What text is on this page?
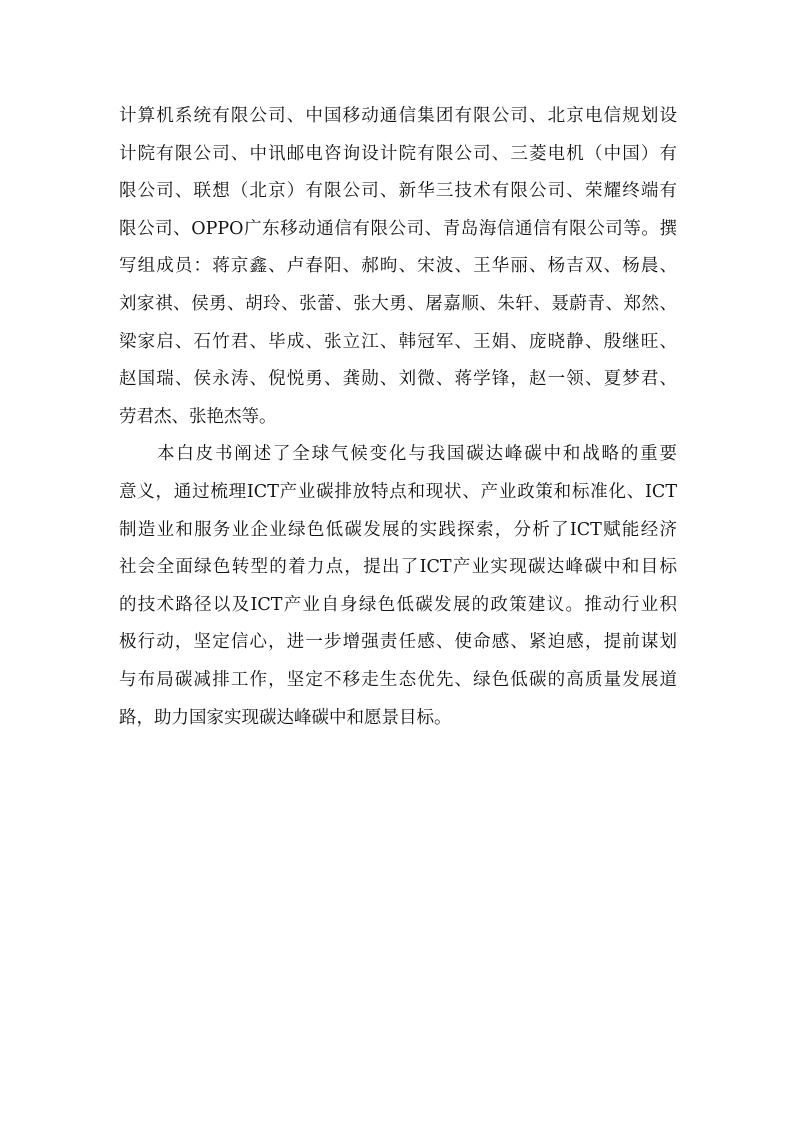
计算机系统有限公司、中国移动通信集团有限公司、北京电信规划设
计院有限公司、中讯邮电咨询设计院有限公司、三菱电机（中国）有
限公司、联想（北京）有限公司、新华三技术有限公司、荣耀终端有
限公司、OPPO广东移动通信有限公司、青岛海信通信有限公司等。撰
写组成员：蒋京鑫、卢春阳、郝昫、宋波、王华丽、杨吉双、杨晨、
刘家祺、侯勇、胡玲、张蕾、张大勇、屠嘉顺、朱轩、聂蔚青、郑然、
梁家启、石竹君、毕成、张立江、韩冠军、王娟、庞晓静、殷继旺、
赵国瑞、侯永涛、倪悦勇、龚勋、刘微、蒋学锋，赵一领、夏梦君、
劳君杰、张艳杰等。
本白皮书阐述了全球气候变化与我国碳达峰碳中和战略的重要
意义，通过梳理ICT产业碳排放特点和现状、产业政策和标准化、ICT
制造业和服务业企业绿色低碳发展的实践探索，分析了ICT赋能经济
社会全面绿色转型的着力点，提出了ICT产业实现碳达峰碳中和目标
的技术路径以及ICT产业自身绿色低碳发展的政策建议。推动行业积
极行动，坚定信心，进一步增强责任感、使命感、紧迫感，提前谋划
与布局碳减排工作，坚定不移走生态优先、绿色低碳的高质量发展道
路，助力国家实现碳达峰碳中和愿景目标。
